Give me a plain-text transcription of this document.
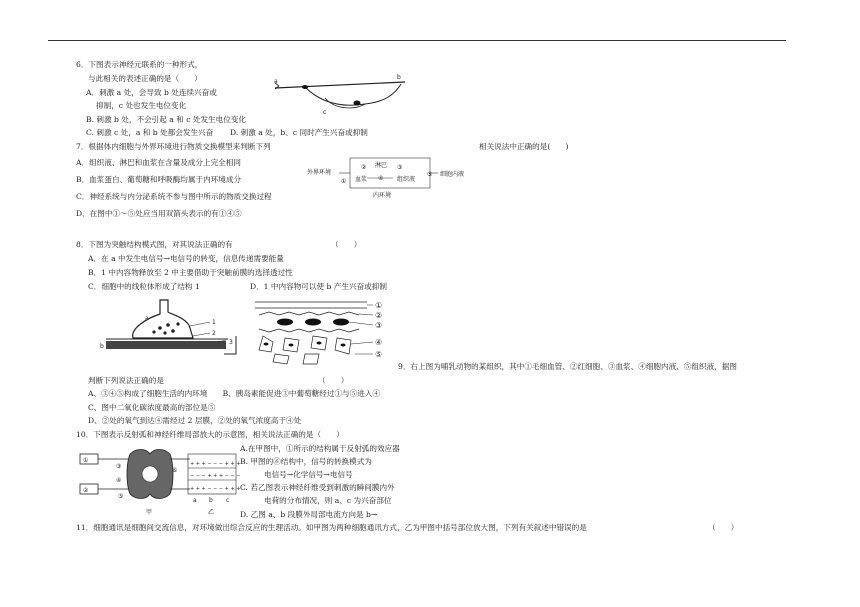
6．下图表示神经元联系的一种形式，
与此相关的表述正确的是（　　）
A．刺激 a 处，会导致 b 处连续兴奋或
抑制，c 处也发生电位变化
B. 刺激 b 处，不会引起 a 和 c 处发生电位变化
C. 刺激 c 处，a 和 b 处都会发生兴奋 D. 刺激 a 处，b、c 同时产生兴奋或抑制
a
b
c
7．根据体内细胞与外界环境进行物质交换模型来判断下列	相关说法中正确的是(　　)
A．组织液、淋巴和血浆在含量及成分上完全相同
B．血浆蛋白、葡萄糖和呼吸酶均属于内环境成分
C．神经系统与内分泌系统不参与图中所示的物质交换过程
D．在图中①～⑤处应当用双箭头表示的有①④⑤
外界环境
①
淋巴
②	③
血浆 ④ 组织液
⑤ 细胞内液
内环境
8．下图为突触结构模式图，对其说法正确的有	（　　）
A．在 a 中发生电信号→电信号的转变，信息传递需要能量
B．1 中内容物释放至 2 中主要借助于突触前膜的选择透过性
C．细胞中的线粒体形成了结构 1	D．1 中内容物可以使 b 产生兴奋或抑制
a
b
1
2
3
①
②
③
④
⑤
9．右上图为哺乳动物的某组织，其中①毛细血管、②红细胞、③血浆、④细胞内液、⑤组织液，据图
判断下列说法正确的是	（　　）
A、③④⑤构成了细胞生活的内环境　　B、胰岛素能促进③中葡萄糖经过①与⑤进入④
C、图中二氧化碳浓度最高的部位是⑤
D、②处的氧气到达④需经过 2 层膜，②处的氧气浓度高于④处
10．下图表示反射弧和神经纤维局部放大的示意图，相关说法正确的是（　　）
A.在甲图中，①所示的结构属于反射弧的效应器
B. 甲图的⑥结构中，信号的转换模式为
电信号→化学信号→电信号
C. 若乙图表示神经纤维受到刺激的瞬间膜内外
电荷的分布情况，则 a、c 为兴奋部位
D. 乙图 a、b 段膜外局部电流方向是 b→
①
②
③
④
⑤
⑥
甲
+ + + − − − + + +
− − − + + + − − −
+ + + − − − + + +
a b c
乙
11．细胞通讯是细胞间交流信息，对环境做出综合反应的生理活动。如甲图为两种细胞通讯方式，乙为甲图中括号部位放大图，下列有关叙述中错误的是	（　　）
